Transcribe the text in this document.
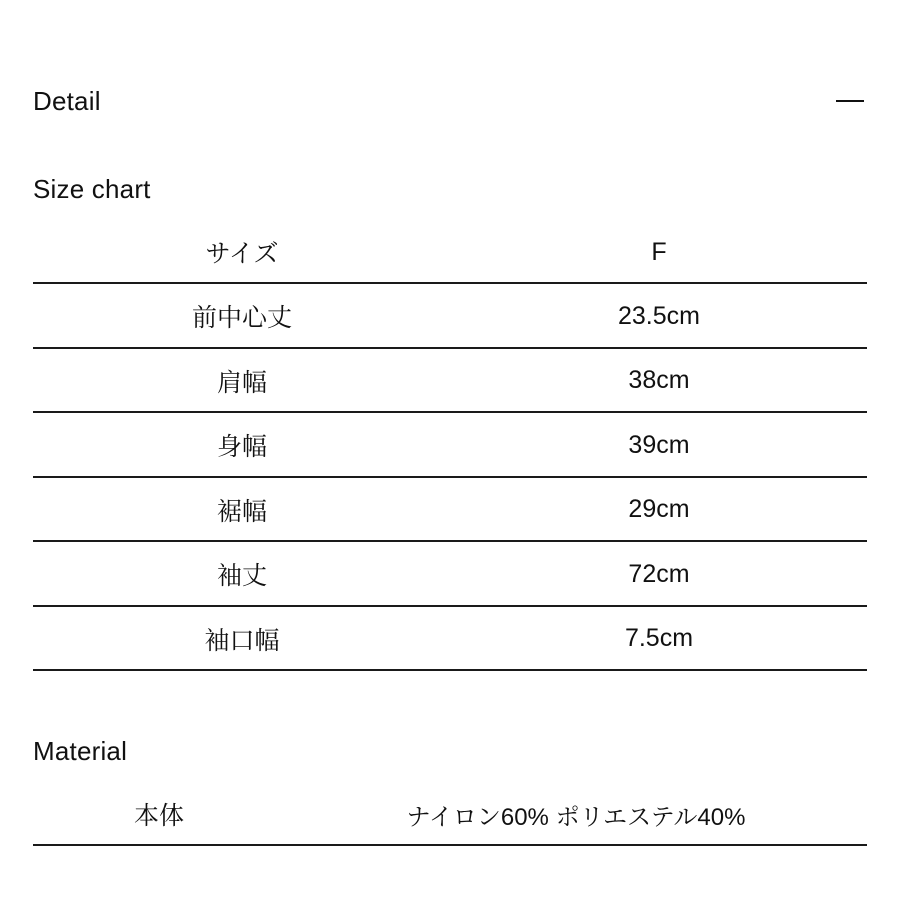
Detail
Size chart
サイズ	F
前中心丈	23.5cm
肩幅	38cm
身幅	39cm
裾幅	29cm
袖丈	72cm
袖口幅	7.5cm
Material
本体	ナイロン60% ポリエステル40%
